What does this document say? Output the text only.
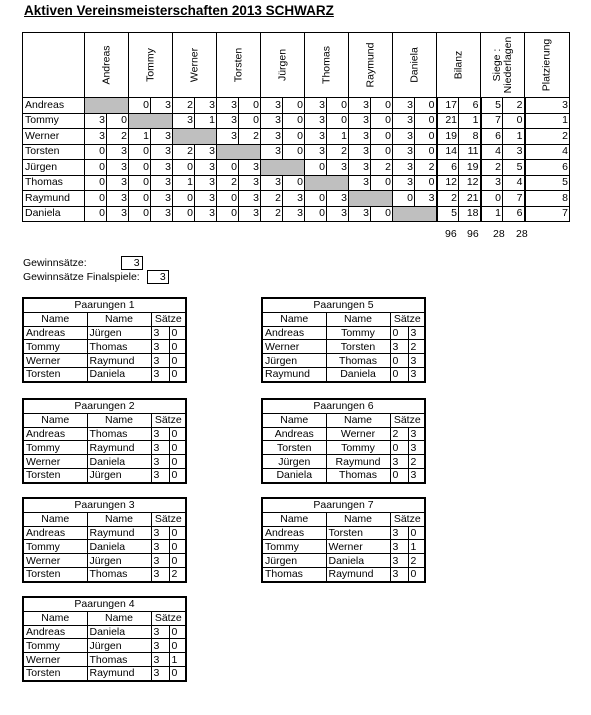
Aktiven Vereinsmeisterschaften 2013 SCHWARZ

	Andreas		Tommy		Werner		Torsten		Jürgen		Thomas		Raymund		Daniela		Bilanz		Siege : Niederlagen		Platzierung

Andreas			0	3	2	3	3	0	3	0	3	0	3	0	3	0	17	6	5	2	3
Tommy	3	0			3	1	3	0	3	0	3	0	3	0	3	0	21	1	7	0	1
Werner	3	2	1	3			3	2	3	0	3	1	3	0	3	0	19	8	6	1	2
Torsten	0	3	0	3	2	3			3	0	3	2	3	0	3	0	14	11	4	3	4
Jürgen	0	3	0	3	0	3	0	3			0	3	3	2	3	2	6	19	2	5	6
Thomas	0	3	0	3	1	3	2	3	3	0			3	0	3	0	12	12	3	4	5
Raymund	0	3	0	3	0	3	0	3	2	3	0	3			0	3	2	21	0	7	8
Daniela	0	3	0	3	0	3	0	3	2	3	0	3	3	0			5	18	1	6	7
96 96 28 28
Gewinnsätze:	3
Gewinnsätze Finalspiele: 3
Paarungen 1			
Name	Name	Sätze	
Andreas	Jürgen	3	0
Tommy	Thomas	3	0
Werner	Raymund	3	0
Torsten	Daniela	3	0
Paarungen 2			
Name	Name	Sätze	
Andreas	Thomas	3	0
Tommy	Raymund	3	0
Werner	Daniela	3	0
Torsten	Jürgen	3	0
Paarungen 3			
Name	Name	Sätze	
Andreas	Raymund	3	0
Tommy	Daniela	3	0
Werner	Jürgen	3	0
Torsten	Thomas	3	2
Paarungen 4			
Name	Name	Sätze	
Andreas	Daniela	3	0
Tommy	Jürgen	3	0
Werner	Thomas	3	1
Torsten	Raymund	3	0
Paarungen 5			
Name	Name	Sätze	
Andreas	Tommy	0	3
Werner	Torsten	3	2
Jürgen	Thomas	0	3
Raymund	Daniela	0	3
Paarungen 6			
Name	Name	Sätze	
Andreas	Werner	2	3
Torsten	Tommy	0	3
Jürgen	Raymund	3	2
Daniela	Thomas	0	3
Paarungen 7			
Name	Name	Sätze	
Andreas	Torsten	3	0
Tommy	Werner	3	1
Jürgen	Daniela	3	2
Thomas	Raymund	3	0
